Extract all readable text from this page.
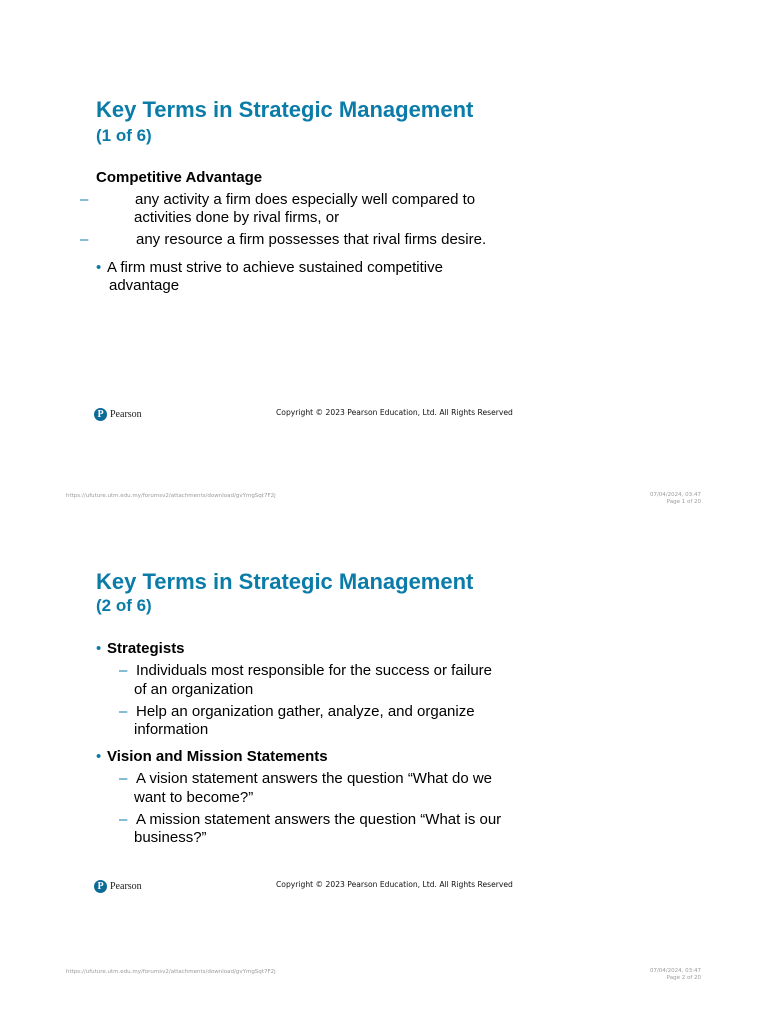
Key Terms in Strategic Management
(1 of 6)
Competitive Advantage
–	any activity a firm does especially well compared to
activities done by rival firms, or
–	any resource a firm possesses that rival firms desire.
• A firm must strive to achieve sustained competitive
advantage
P Pearson	Copyright © 2023 Pearson Education, Ltd. All Rights Reserved
https://ufuture.utm.edu.my/forumsv2/attachments/download/gvYmgSqt7F2j	07/04/2024, 03:47
Page 1 of 20
Key Terms in Strategic Management
(2 of 6)
• Strategists
– Individuals most responsible for the success or failure
of an organization
– Help an organization gather, analyze, and organize
information
• Vision and Mission Statements
– A vision statement answers the question “What do we
want to become?”
– A mission statement answers the question “What is our
business?”
P Pearson	Copyright © 2023 Pearson Education, Ltd. All Rights Reserved
https://ufuture.utm.edu.my/forumsv2/attachments/download/gvYmgSqt7F2j	07/04/2024, 03:47
Page 2 of 20
